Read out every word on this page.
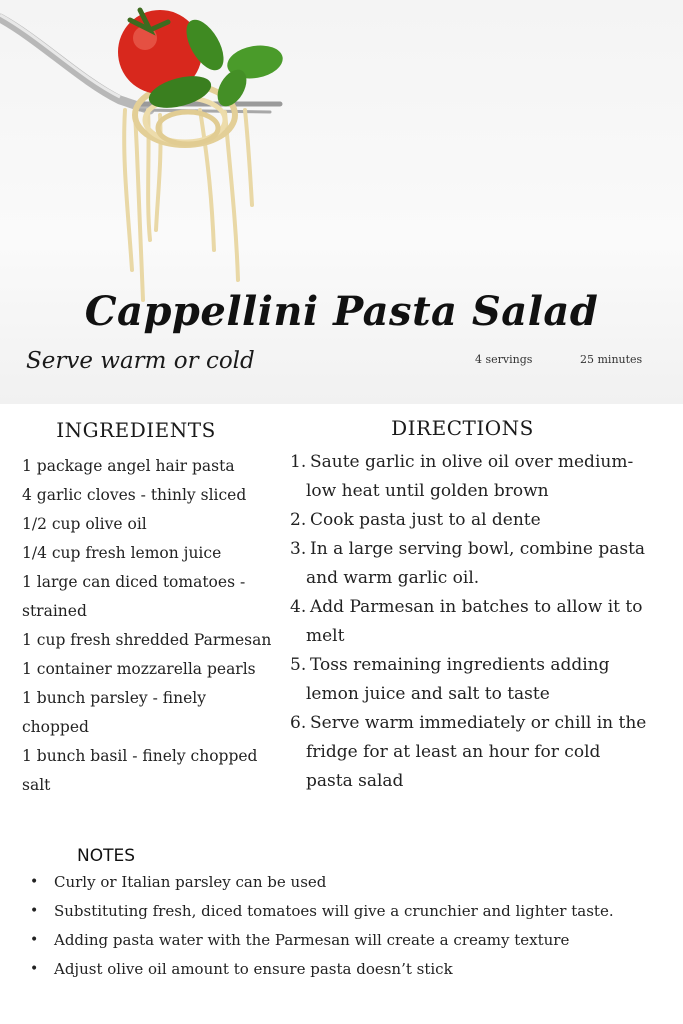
Cappellini Pasta Salad
Serve warm or cold	4 servings	25 minutes
INGREDIENTS
1 package angel hair pasta
4 garlic cloves - thinly sliced
1/2 cup olive oil
1/4 cup fresh lemon juice
1 large can diced tomatoes - strained
1 cup fresh shredded Parmesan
1 container mozzarella pearls
1 bunch parsley - finely chopped
1 bunch basil - finely chopped
salt
DIRECTIONS
1. Saute garlic in olive oil over medium-low heat until golden brown
2. Cook pasta just to al dente
3. In a large serving bowl, combine pasta and warm garlic oil.
4. Add Parmesan in batches to allow it to melt
5. Toss remaining ingredients adding lemon juice and salt to taste
6. Serve warm immediately or chill in the fridge for at least an hour for cold pasta salad
NOTES
• Curly or Italian parsley can be used
• Substituting fresh, diced tomatoes will give a crunchier and lighter taste.
• Adding pasta water with the Parmesan will create a creamy texture
• Adjust olive oil amount to ensure pasta doesn’t stick
